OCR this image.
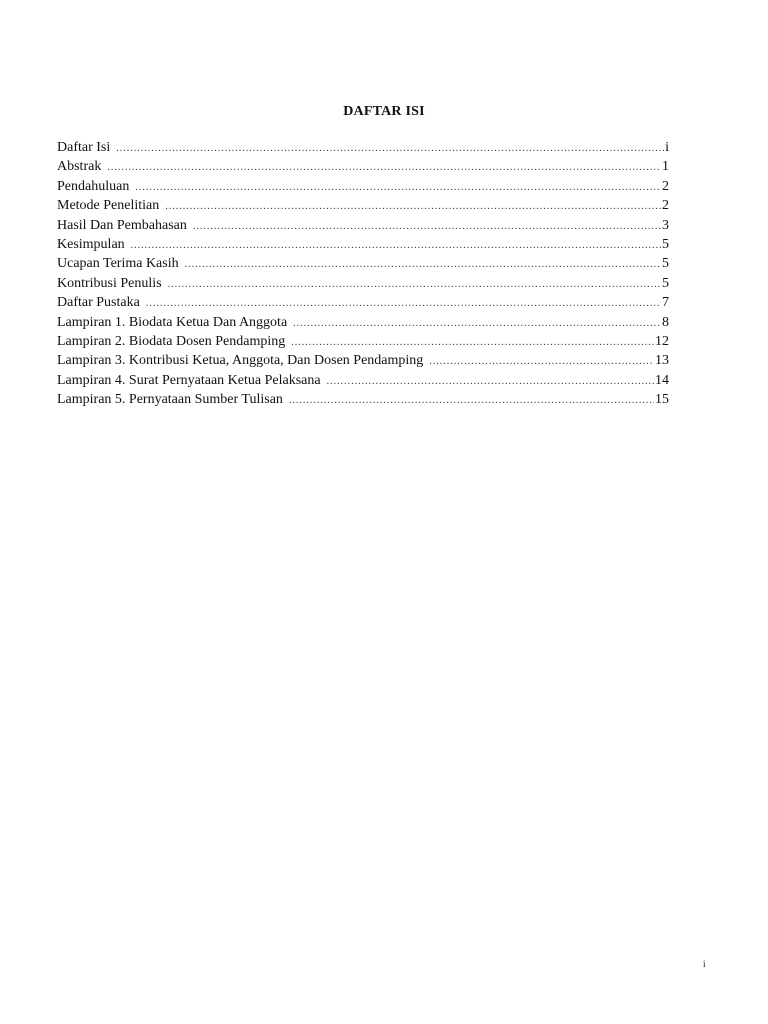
DAFTAR ISI
Daftar Isi .....	i
Abstrak .....	1
Pendahuluan .....	2
Metode Penelitian .....	2
Hasil Dan Pembahasan .....	3
Kesimpulan .....	5
Ucapan Terima Kasih .....	5
Kontribusi Penulis .....	5
Daftar Pustaka .....	7
Lampiran 1. Biodata Ketua Dan Anggota .....	8
Lampiran 2. Biodata Dosen Pendamping .....	12
Lampiran 3. Kontribusi Ketua, Anggota, Dan Dosen Pendamping .....	13
Lampiran 4. Surat Pernyataan Ketua Pelaksana .....	14
Lampiran 5. Pernyataan Sumber Tulisan .....	15
i
